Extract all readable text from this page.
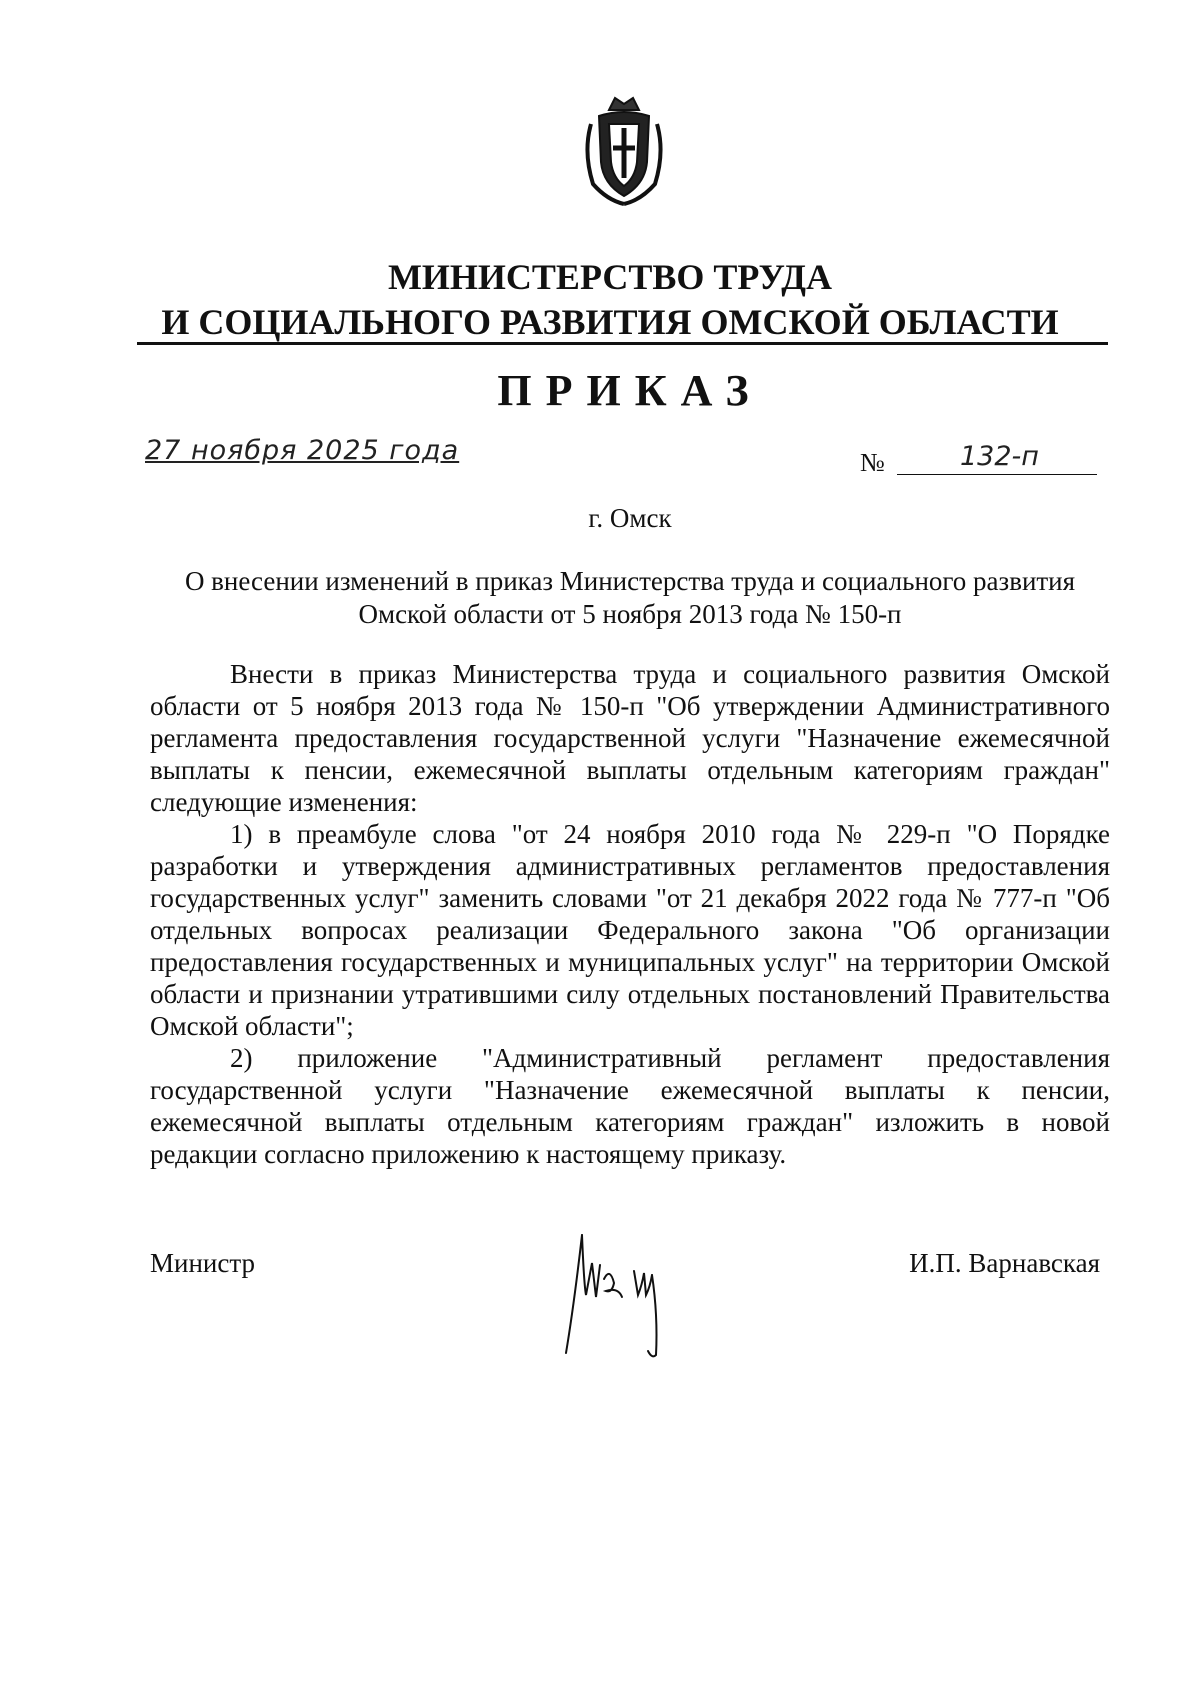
МИНИСТЕРСТВО ТРУДА
И СОЦИАЛЬНОГО РАЗВИТИЯ ОМСКОЙ ОБЛАСТИ
ПРИКАЗ
27 ноября 2025 года	№	132-п
г. Омск
О внесении изменений в приказ Министерства труда и социального развития
Омской области от 5 ноября 2013 года № 150-п

Внести в приказ Министерства труда и социального развития Омской области от 5 ноября 2013 года № 150-п "Об утверждении Административного регламента предоставления государственной услуги "Назначение ежемесячной выплаты к пенсии, ежемесячной выплаты отдельным категориям граждан" следующие изменения:

1) в преамбуле слова "от 24 ноября 2010 года № 229-п "О Порядке разработки и утверждения административных регламентов предоставления государственных услуг" заменить словами "от 21 декабря 2022 года № 777-п "Об отдельных вопросах реализации Федерального закона "Об организации предоставления государственных и муниципальных услуг" на территории Омской области и признании утратившими силу отдельных постановлений Правительства Омской области";

2) приложение "Административный регламент предоставления государственной услуги "Назначение ежемесячной выплаты к пенсии, ежемесячной выплаты отдельным категориям граждан" изложить в новой редакции согласно приложению к настоящему приказу.

Министр	И.П. Варнавская
